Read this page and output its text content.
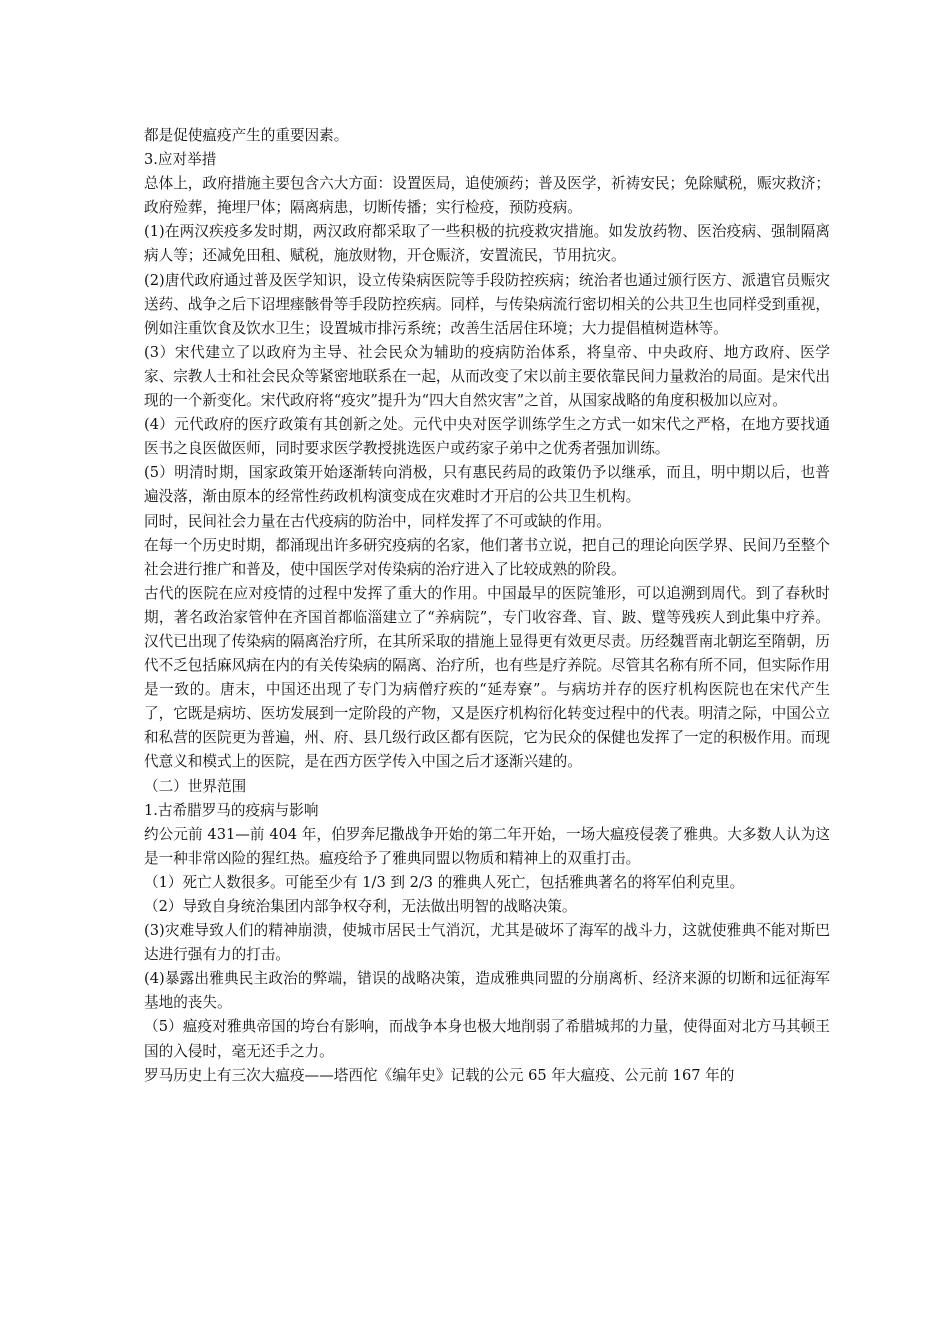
都是促使瘟疫产生的重要因素。

3.应对举措

总体上，政府措施主要包含六大方面：设置医局，追使颁药；普及医学，祈祷安民；免除赋税，赈灾救济；政府殓葬，掩埋尸体；隔离病患，切断传播；实行检疫，预防疫病。

(1)在两汉疾疫多发时期，两汉政府都采取了一些积极的抗疫救灾措施。如发放药物、医治疫病、强制隔离病人等；还减免田租、赋税，施放财物，开仓赈济，安置流民，节用抗灾。

(2)唐代政府通过普及医学知识，设立传染病医院等手段防控疾病；统治者也通过颁行医方、派遣官员赈灾送药、战争之后下诏埋瘗骸骨等手段防控疾病。同样，与传染病流行密切相关的公共卫生也同样受到重视，例如注重饮食及饮水卫生；设置城市排污系统；改善生活居住环境；大力提倡植树造林等。

(3）宋代建立了以政府为主导、社会民众为辅助的疫病防治体系，将皇帝、中央政府、地方政府、医学家、宗教人士和社会民众等紧密地联系在一起，从而改变了宋以前主要依靠民间力量救治的局面。是宋代出现的一个新变化。宋代政府将“疫灾”提升为“四大自然灾害”之首，从国家战略的角度积极加以应对。

(4）元代政府的医疗政策有其创新之处。元代中央对医学训练学生之方式一如宋代之严格，在地方要找通医书之良医做医师，同时要求医学教授挑选医户或药家子弟中之优秀者强加训练。

(5）明清时期，国家政策开始逐渐转向消极，只有惠民药局的政策仍予以继承，而且，明中期以后，也普遍没落，渐由原本的经常性药政机构演变成在灾难时才开启的公共卫生机构。

同时，民间社会力量在古代疫病的防治中，同样发挥了不可或缺的作用。

在每一个历史时期，都涌现出许多研究疫病的名家，他们著书立说，把自己的理论向医学界、民间乃至整个社会进行推广和普及，使中国医学对传染病的治疗进入了比较成熟的阶段。

古代的医院在应对疫情的过程中发挥了重大的作用。中国最早的医院雏形，可以追溯到周代。到了春秋时期，著名政治家管仲在齐国首都临淄建立了“养病院”，专门收容聋、盲、跛、躄等残疾人到此集中疗养。汉代已出现了传染病的隔离治疗所，在其所采取的措施上显得更有效更尽责。历经魏晋南北朝迄至隋朝，历代不乏包括麻风病在内的有关传染病的隔离、治疗所，也有些是疗养院。尽管其名称有所不同，但实际作用是一致的。唐末，中国还出现了专门为病僧疗疾的“延寿寮”。与病坊并存的医疗机构医院也在宋代产生了，它既是病坊、医坊发展到一定阶段的产物，又是医疗机构衍化转变过程中的代表。明清之际，中国公立和私营的医院更为普遍，州、府、县几级行政区都有医院，它为民众的保健也发挥了一定的积极作用。而现代意义和模式上的医院，是在西方医学传入中国之后才逐渐兴建的。

（二）世界范围

1.古希腊罗马的疫病与影响

约公元前 431—前 404 年，伯罗奔尼撒战争开始的第二年开始，一场大瘟疫侵袭了雅典。大多数人认为这是一种非常凶险的猩红热。瘟疫给予了雅典同盟以物质和精神上的双重打击。

（1）死亡人数很多。可能至少有 1/3 到 2/3 的雅典人死亡，包括雅典著名的将军伯利克里。

（2）导致自身统治集团内部争权夺利，无法做出明智的战略决策。

(3)灾难导致人们的精神崩溃，使城市居民士气消沉，尤其是破坏了海军的战斗力，这就使雅典不能对斯巴达进行强有力的打击。

(4)暴露出雅典民主政治的弊端，错误的战略决策，造成雅典同盟的分崩离析、经济来源的切断和远征海军基地的丧失。

（5）瘟疫对雅典帝国的垮台有影响，而战争本身也极大地削弱了希腊城邦的力量，使得面对北方马其顿王国的入侵时，毫无还手之力。

罗马历史上有三次大瘟疫——塔西佗《编年史》记载的公元 65 年大瘟疫、公元前 167 年的
